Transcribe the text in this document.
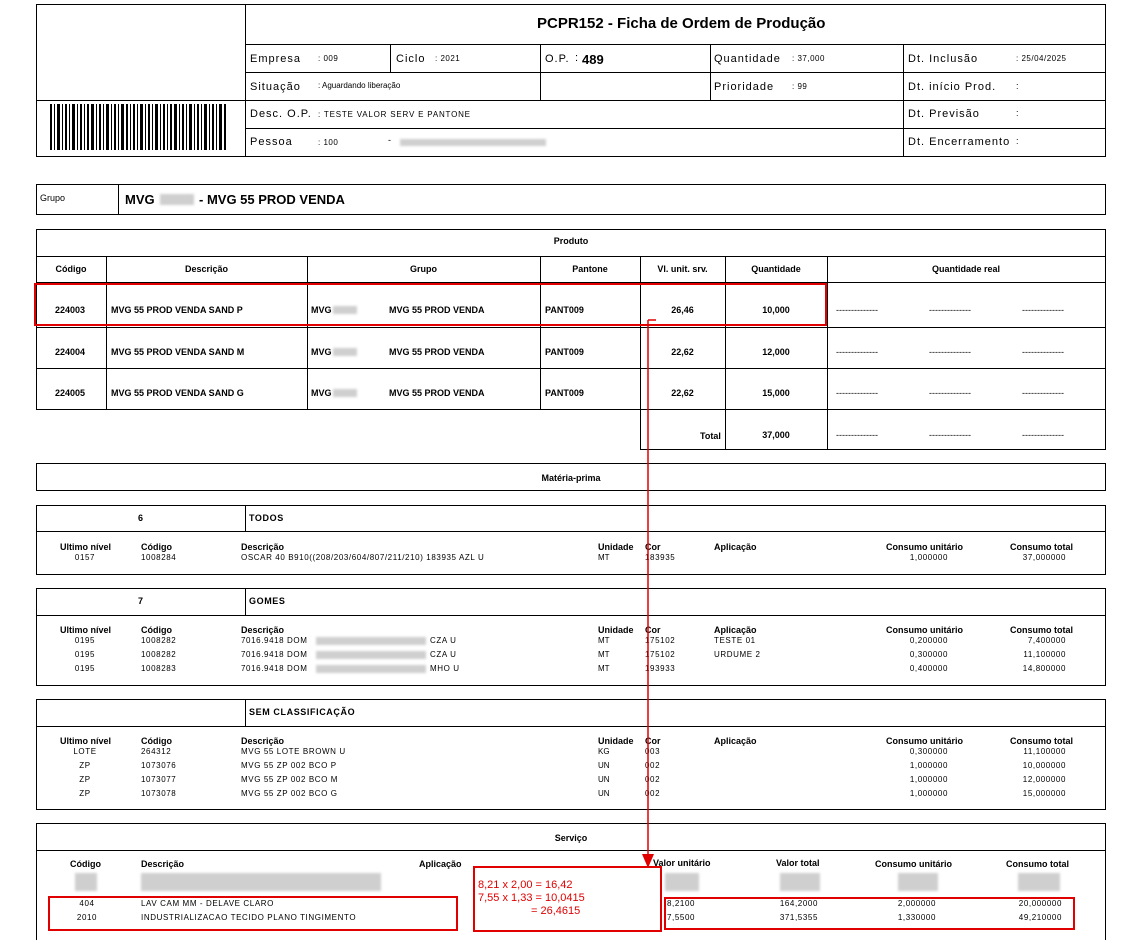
PCPR152 - Ficha de Ordem de Produção
Empresa : 009	Ciclo : 2021	O.P. : 489	Quantidade : 37,000	Dt. Inclusão	: 25/04/2025
Situação : Aguardando liberação	Prioridade : 99	Dt. início Prod. :
Desc. O.P. : TESTE VALOR SERV E PANTONE	Dt. Previsão	:
Pessoa	: 100	-	Dt. Encerramento :
Grupo	MVG	- MVG 55 PROD VENDA
Produto
Código	Descrição	Grupo	Pantone	Vl. unit. srv.	Quantidade	Quantidade real
224003	MVG 55 PROD VENDA SAND P	MVG	MVG 55 PROD VENDA	PANT009	26,46	10,000	--------------	--------------	--------------
224004	MVG 55 PROD VENDA SAND M	MVG	MVG 55 PROD VENDA	PANT009	22,62	12,000	--------------	--------------	--------------
224005	MVG 55 PROD VENDA SAND G	MVG	MVG 55 PROD VENDA	PANT009	22,62	15,000	--------------	--------------	--------------
Total	37,000	--------------	--------------	--------------
Matéria-prima
6	TODOS
Ultimo nível	Código	Descrição	Unidade Cor	Aplicação	Consumo unitário	Consumo total
0157	1008284	OSCAR 40 B910((208/203/604/807/211/210) 183935 AZL U	MT	183935	1,000000	37,000000
7	GOMES
Ultimo nível	Código	Descrição	Unidade Cor	Aplicação	Consumo unitário	Consumo total
0195	1008282	7016.9418 DOM	CZA U	MT	175102	TESTE 01	0,200000	7,400000
0195	1008282	7016.9418 DOM	CZA U	MT	175102	URDUME 2	0,300000	11,100000
0195	1008283	7016.9418 DOM	MHO U	MT	193933	0,400000	14,800000
SEM CLASSIFICAÇÃO
Ultimo nível	Código	Descrição	Unidade Cor	Aplicação	Consumo unitário	Consumo total
LOTE	264312	MVG 55 LOTE BROWN U	KG	003	0,300000	11,100000
ZP	1073076	MVG 55 ZP 002 BCO P	UN	002	1,000000	10,000000
ZP	1073077	MVG 55 ZP 002 BCO M	UN	002	1,000000	12,000000
ZP	1073078	MVG 55 ZP 002 BCO G	UN	002	1,000000	15,000000
Serviço
Código	Descrição	Aplicação	Valor unitário	Valor total	Consumo unitário	Consumo total
404	LAV CAM MM - DELAVE CLARO	8,2100	164,2000	2,000000	20,000000
2010	INDUSTRIALIZACAO TECIDO PLANO TINGIMENTO	7,5500	371,5355	1,330000	49,210000
8,21 x 2,00 = 16,42
7,55 x 1,33 = 10,0415
= 26,4615
